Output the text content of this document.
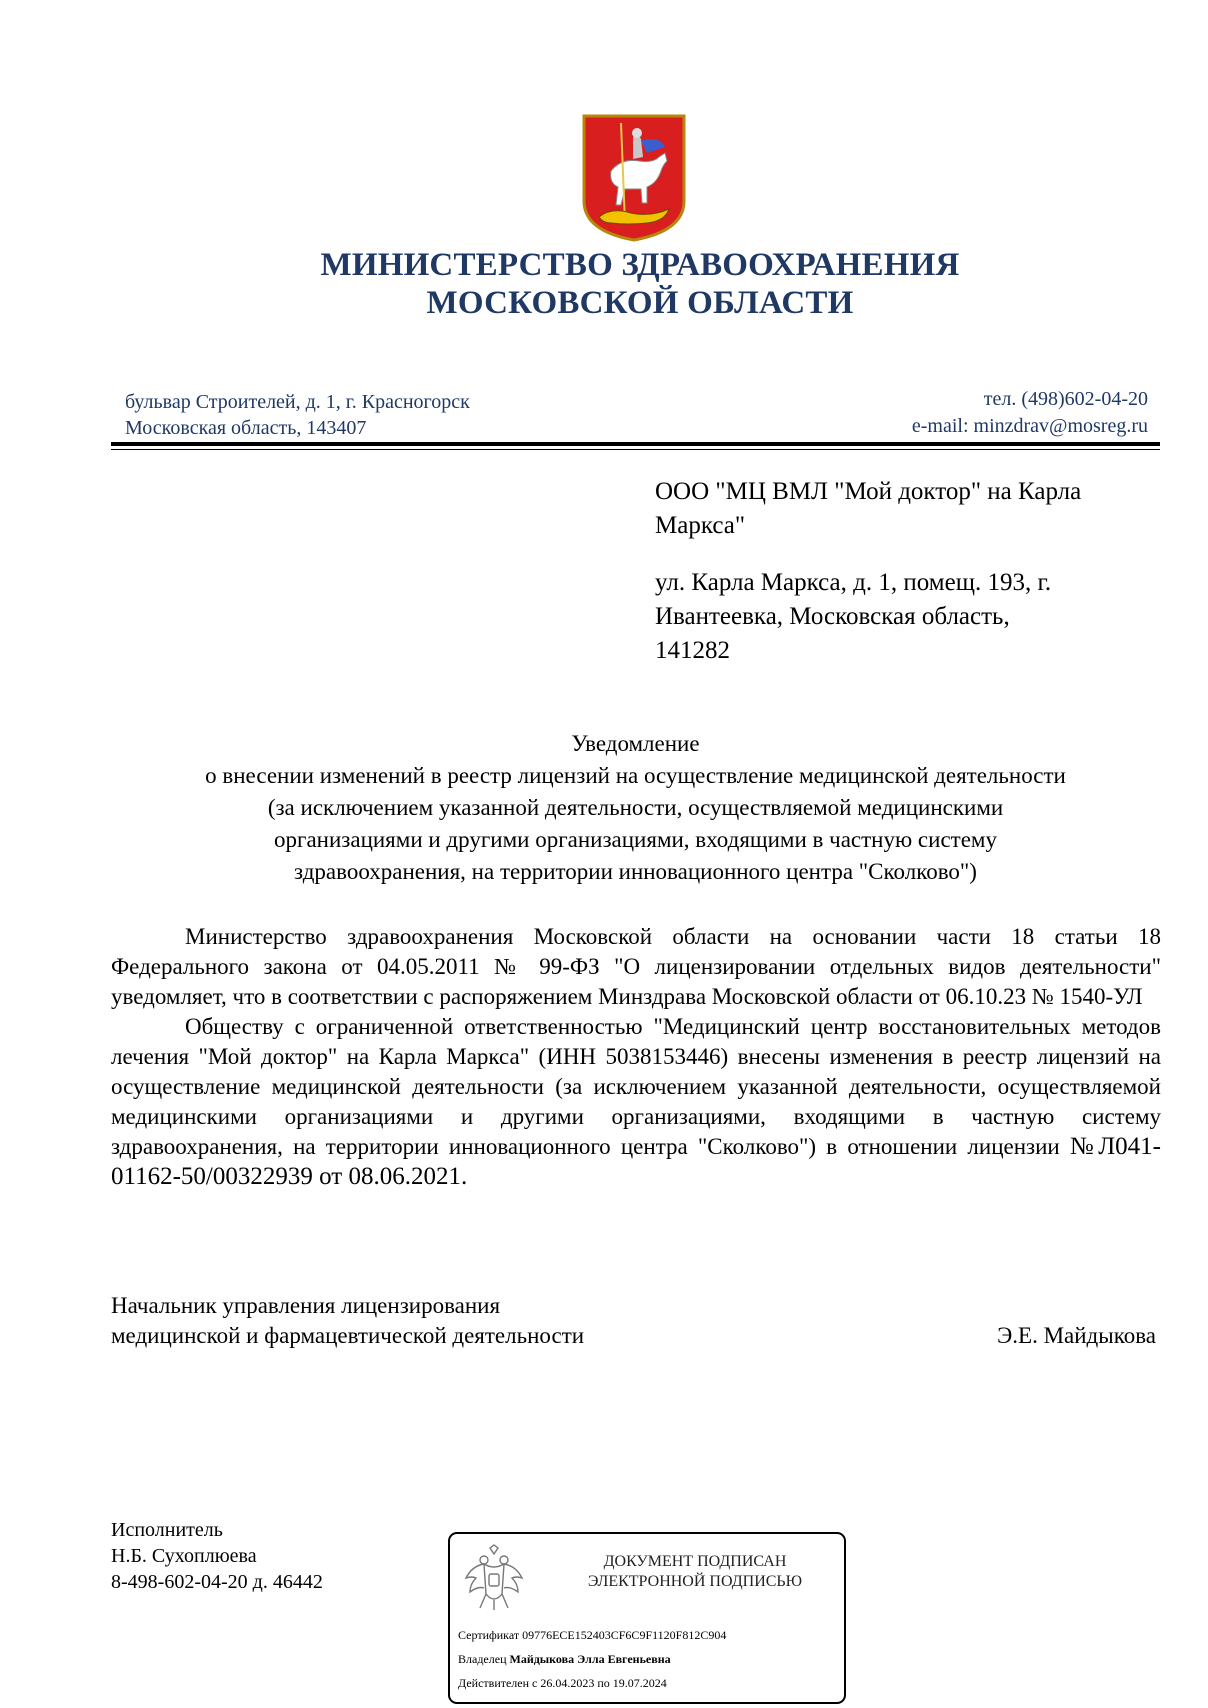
МИНИСТЕРСТВО ЗДРАВООХРАНЕНИЯ
МОСКОВСКОЙ ОБЛАСТИ
бульвар Строителей, д. 1, г. Красногорск
Московская область, 143407
тел. (498)602-04-20
e-mail: minzdrav@mosreg.ru
ООО "МЦ ВМЛ "Мой доктор" на Карла
Маркса"
ул. Карла Маркса, д. 1, помещ. 193, г.
Ивантеевка, Московская область,
141282
Уведомление
о внесении изменений в реестр лицензий на осуществление медицинской деятельности
(за исключением указанной деятельности, осуществляемой медицинскими
организациями и другими организациями, входящими в частную систему
здравоохранения, на территории инновационного центра "Сколково")

Министерство здравоохранения Московской области на основании части 18 статьи 18 Федерального закона от 04.05.2011 № 99-ФЗ "О лицензировании отдельных видов деятельности" уведомляет, что в соответствии с распоряжением Минздрава Московской области от 06.10.23 № 1540-УЛ

Обществу с ограниченной ответственностью "Медицинский центр восстановительных методов лечения "Мой доктор" на Карла Маркса" (ИНН 5038153446) внесены изменения в реестр лицензий на осуществление медицинской деятельности (за исключением указанной деятельности, осуществляемой медицинскими организациями и другими организациями, входящими в частную систему здравоохранения, на территории инновационного центра "Сколково") в отношении лицензии №Л041-01162-50/00322939 от 08.06.2021.

Начальник управления лицензирования
медицинской и фармацевтической деятельности	Э.Е. Майдыкова
Исполнитель
Н.Б. Сухоплюева
8-498-602-04-20 д. 46442
ДОКУМЕНТ ПОДПИСАН
ЭЛЕКТРОННОЙ ПОДПИСЬЮ
Сертификат 09776ECE152403CF6C9F1120F812C904
Владелец Майдыкова Элла Евгеньевна
Действителен с 26.04.2023 по 19.07.2024
